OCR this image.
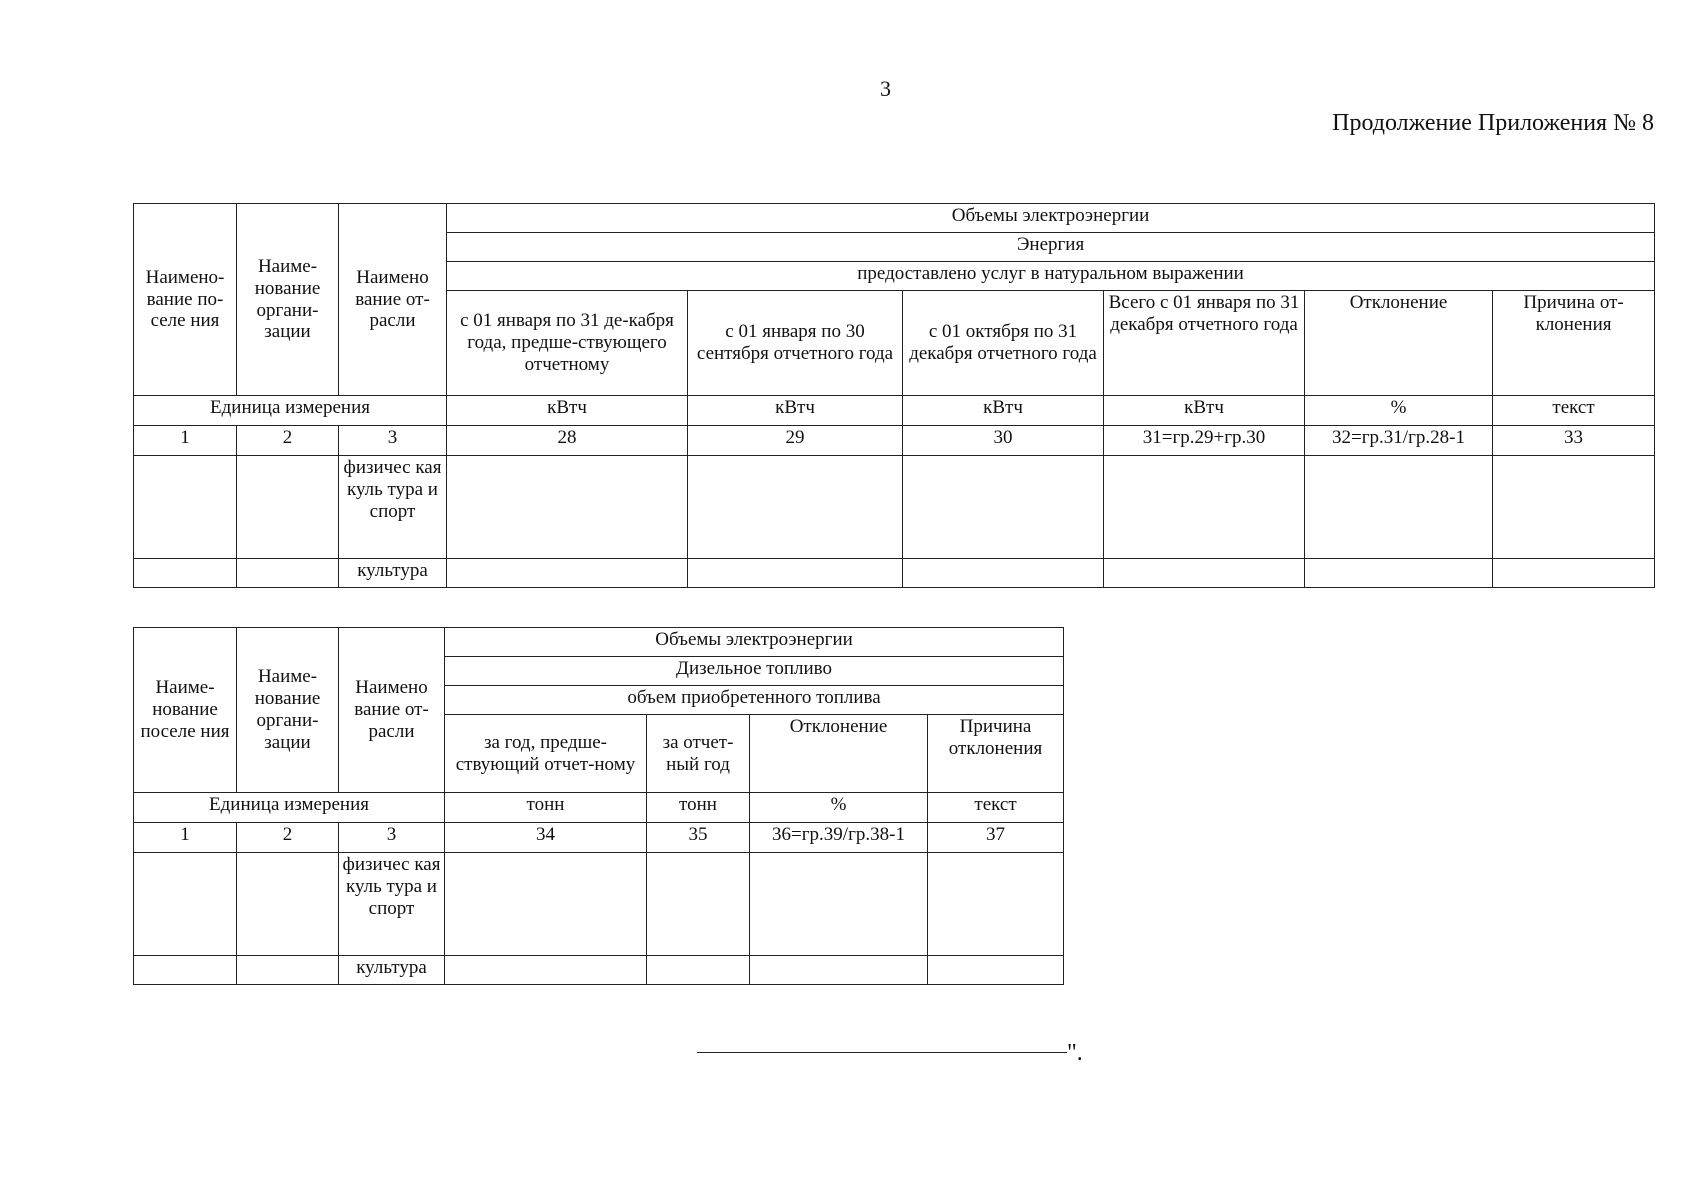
3
Продолжение Приложения № 8
Наимено-вание по-селе ния	Наиме-нование органи-зации	Наимено вание от-расли	Объемы электроэнергии					
			Энергия					
			предоставлено услуг в натуральном выражении					
			с 01 января по 31 де-кабря года, предше-ствующего отчетному	с 01 января по 30 сентября отчетного года	с 01 октября по 31 декабря отчетного года	Всего с 01 января по 31 декабря отчетного года	Отклонение	Причина от-клонения
Единица измерения			кВтч	кВтч	кВтч	кВтч	%	текст
1	2	3	28	29	30	31=гр.29+гр.30	32=гр.31/гр.28-1	33
		физичес кая куль тура и спорт						
		культура						
Наиме-нование поселе ния	Наиме-нование органи-зации	Наимено вание от-расли	Объемы электроэнергии			
			Дизельное топливо			
			объем приобретенного топлива			
			за год, предше-ствующий отчет-ному	за отчет-ный год	Отклонение	Причина отклонения
Единица измерения			тонн	тонн	%	текст
1	2	3	34	35	36=гр.39/гр.38-1	37
		физичес кая куль тура и спорт				
		культура				
".
